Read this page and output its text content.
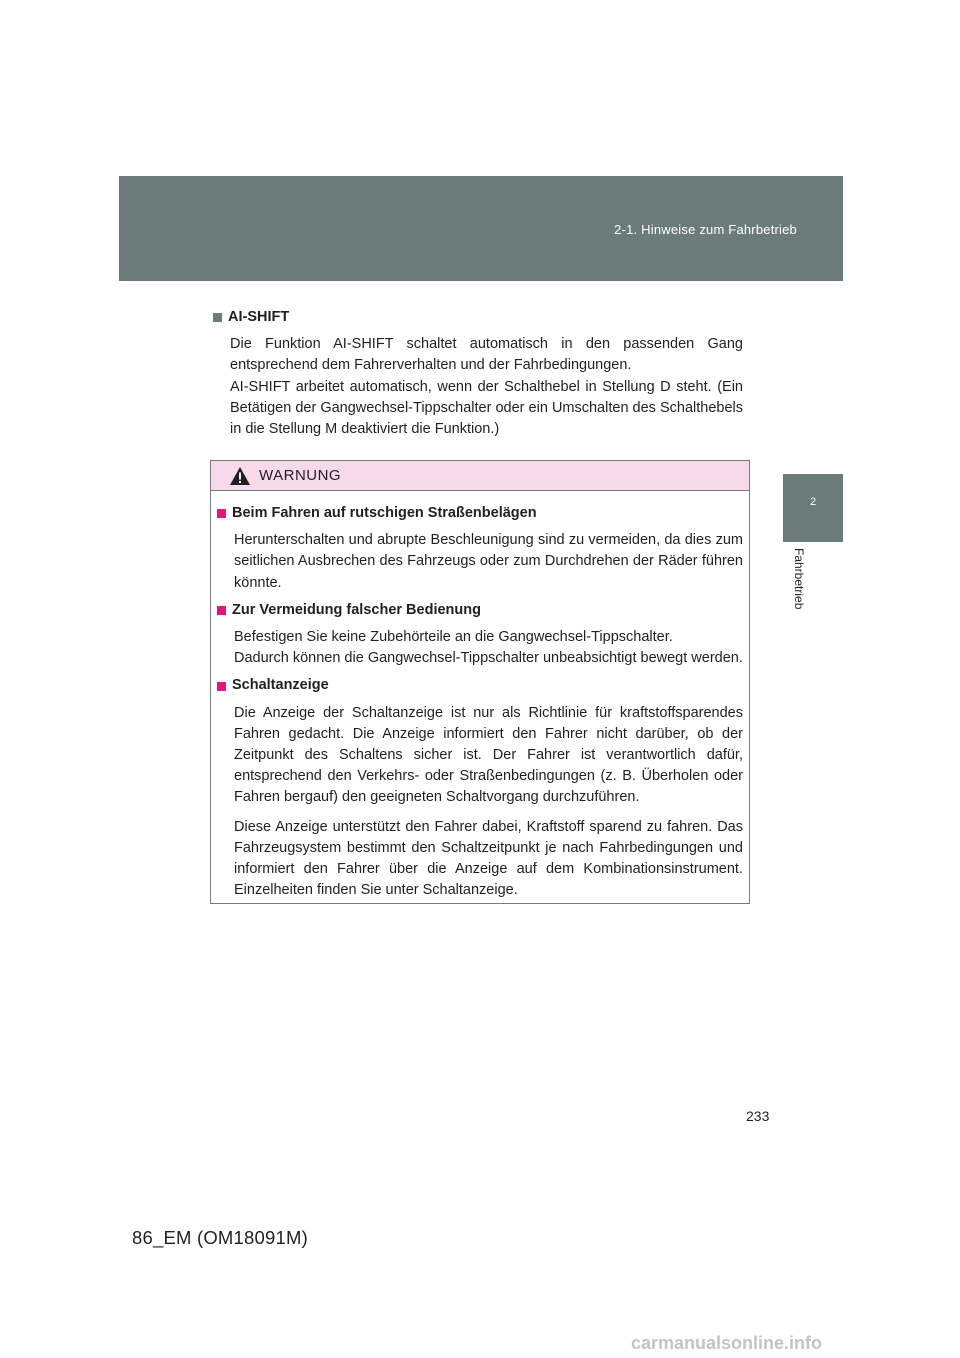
2-1. Hinweise zum Fahrbetrieb
2
Fahrbetrieb
AI-SHIFT

Die Funktion AI-SHIFT schaltet automatisch in den passenden Gang entsprechend dem Fahrerverhalten und der Fahrbedingungen.

AI-SHIFT arbeitet automatisch, wenn der Schalthebel in Stellung D steht. (Ein Betätigen der Gangwechsel-Tippschalter oder ein Umschalten des Schalthebels in die Stellung M deaktiviert die Funktion.)

WARNUNG
Beim Fahren auf rutschigen Straßenbelägen

Herunterschalten und abrupte Beschleunigung sind zu vermeiden, da dies zum seitlichen Ausbrechen des Fahrzeugs oder zum Durchdrehen der Räder führen könnte.

Zur Vermeidung falscher Bedienung

Befestigen Sie keine Zubehörteile an die Gangwechsel-Tippschalter.

Dadurch können die Gangwechsel-Tippschalter unbeabsichtigt bewegt werden.

Schaltanzeige

Die Anzeige der Schaltanzeige ist nur als Richtlinie für kraftstoffsparendes Fahren gedacht. Die Anzeige informiert den Fahrer nicht darüber, ob der Zeitpunkt des Schaltens sicher ist. Der Fahrer ist verantwortlich dafür, entsprechend den Verkehrs- oder Straßenbedingungen (z. B. Überholen oder Fahren bergauf) den geeigneten Schaltvorgang durchzuführen.

Diese Anzeige unterstützt den Fahrer dabei, Kraftstoff sparend zu fahren. Das Fahrzeugsystem bestimmt den Schaltzeitpunkt je nach Fahrbedingungen und informiert den Fahrer über die Anzeige auf dem Kombinationsinstrument. Einzelheiten finden Sie unter Schaltanzeige.

233
86_EM (OM18091M)
carmanualsonline.info
